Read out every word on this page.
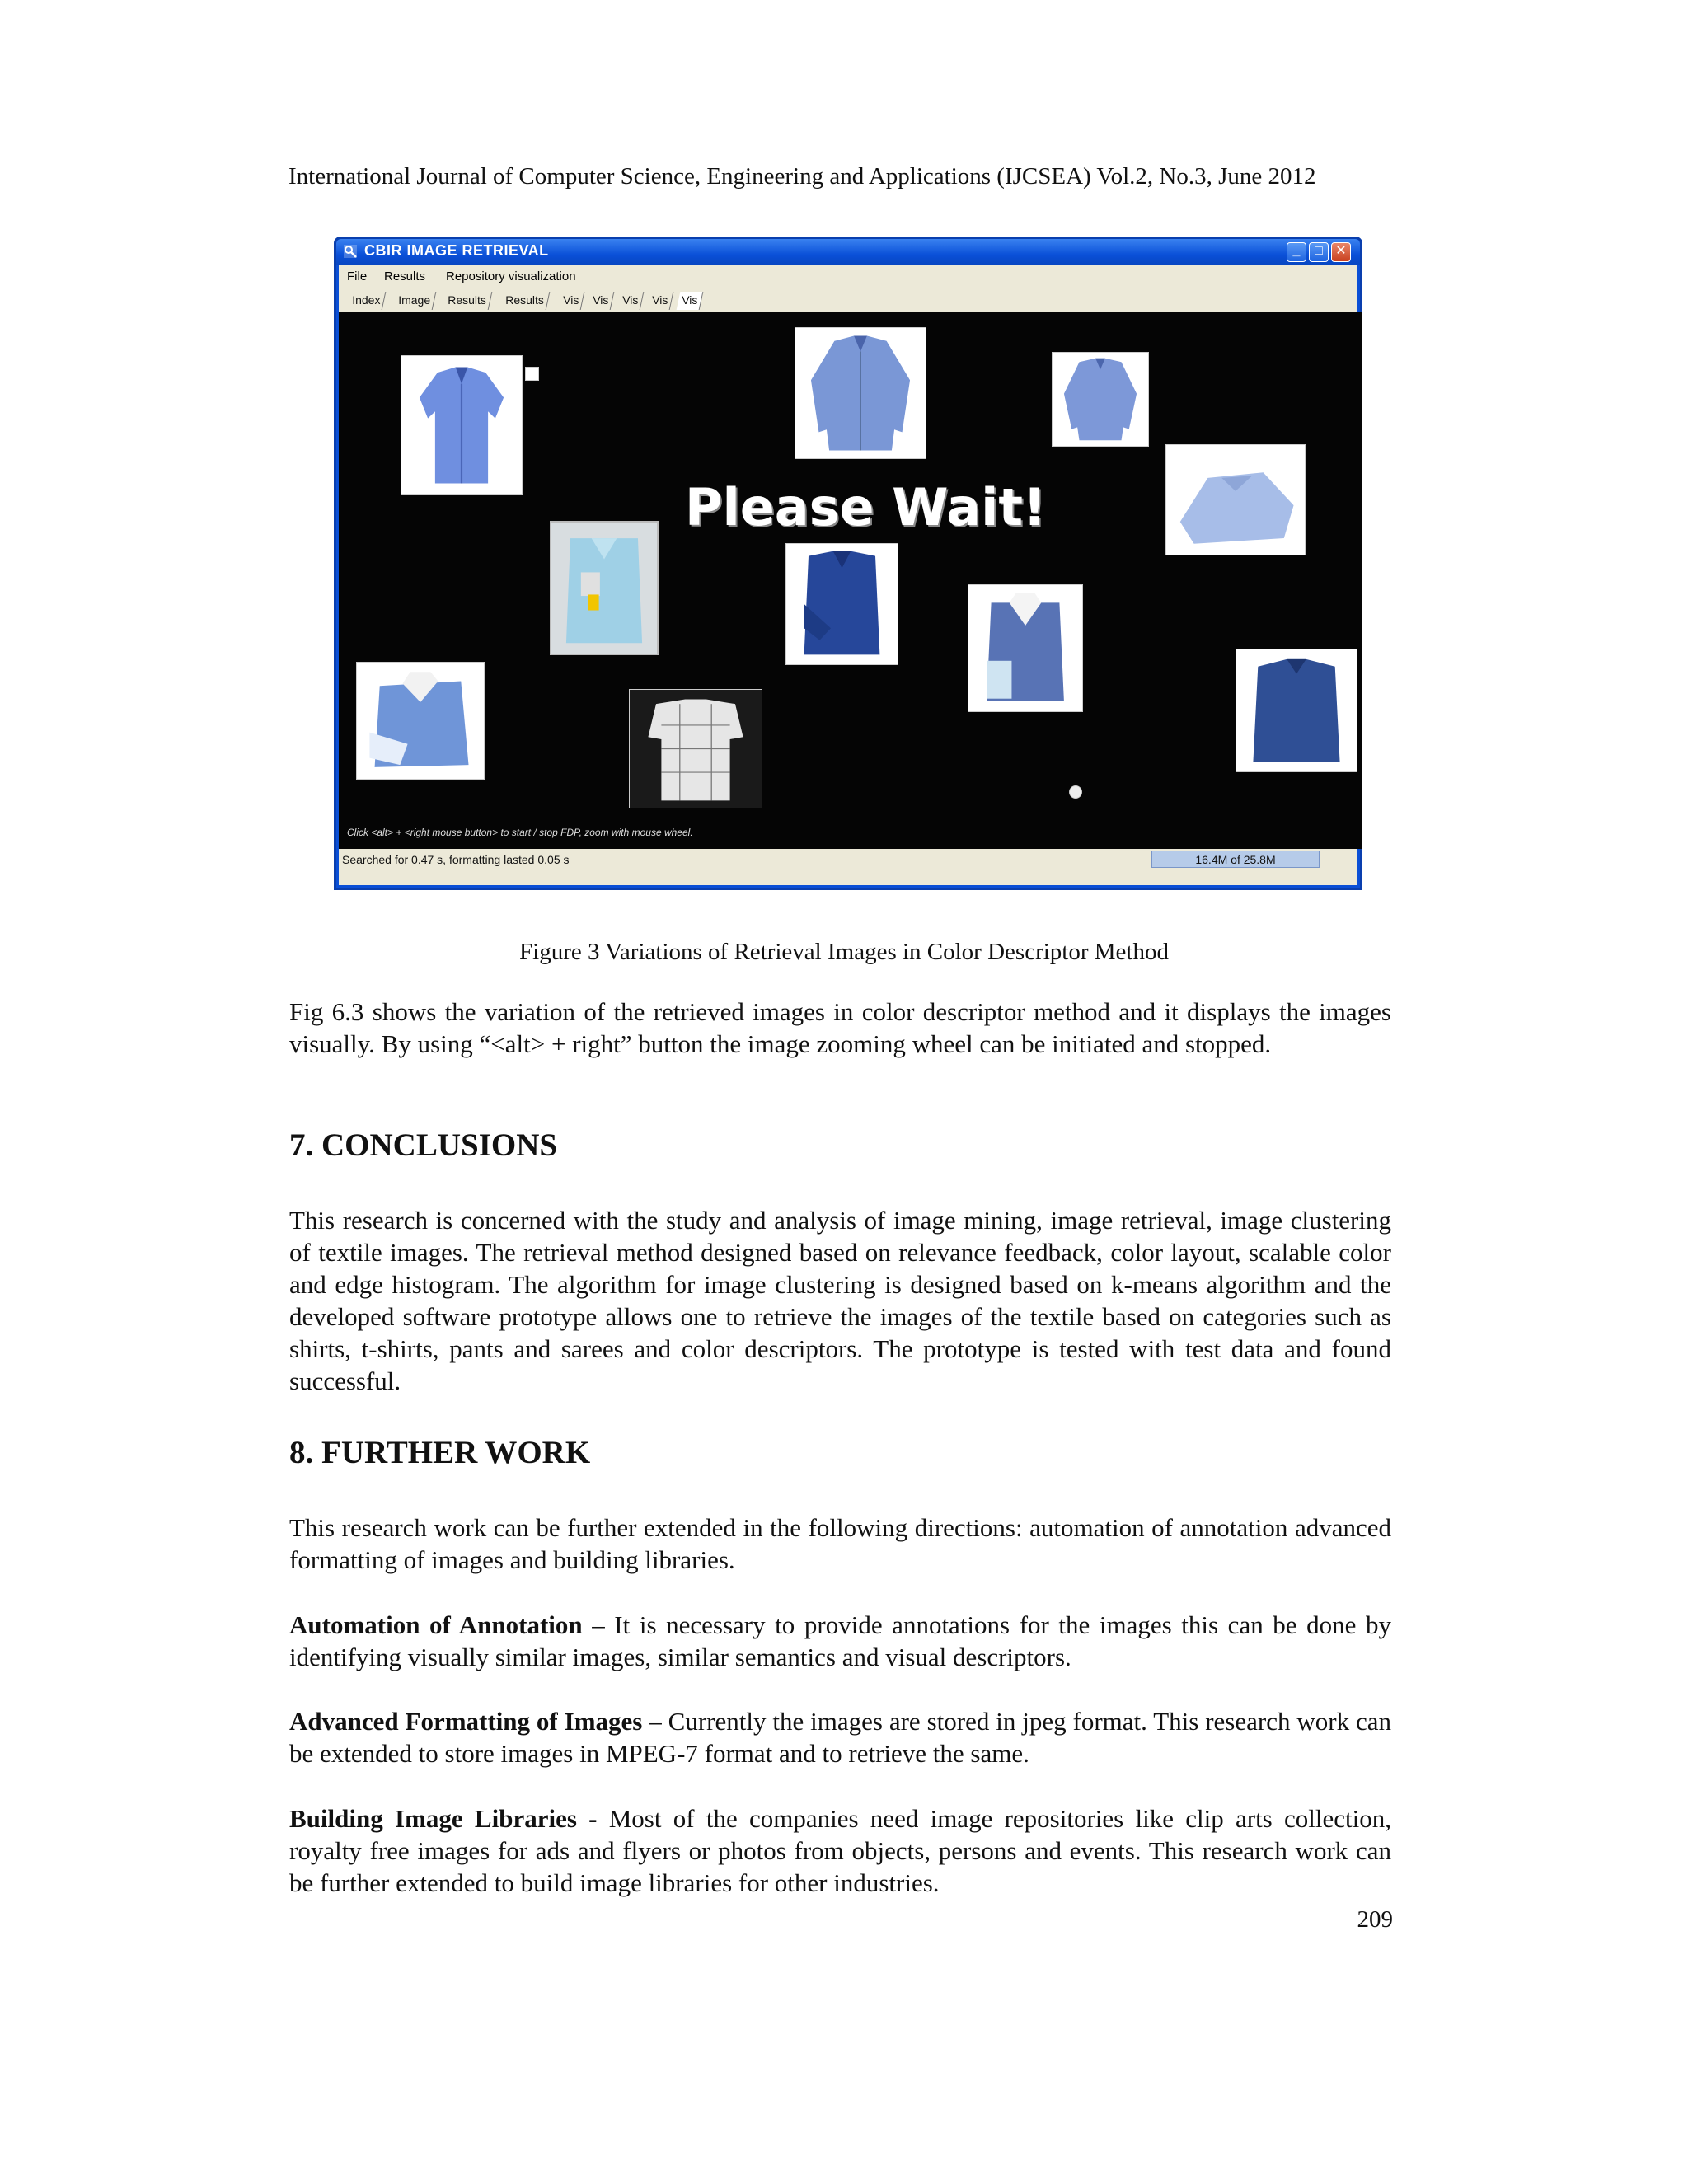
International Journal of Computer Science, Engineering and Applications (IJCSEA) Vol.2, No.3, June 2012
CBIR IMAGE RETRIEVAL	_	□ ✕
File Results Repository visualization
Index	Image	Results	Results	Vis	Vis	Vis	Vis	Vis
Please Wait!
Click <alt> + <right mouse button> to start / stop FDP, zoom with mouse wheel.
Searched for 0.47 s, formatting lasted 0.05 s	16.4M of 25.8M
Figure 3 Variations of Retrieval Images in Color Descriptor Method
Fig 6.3 shows the variation of the retrieved images in color descriptor method and it displays the images visually. By using “<alt> + right” button the image zooming wheel can be initiated and stopped.
7. CONCLUSIONS
This research is concerned with the study and analysis of image mining, image retrieval, image clustering of textile images. The retrieval method designed based on relevance feedback, color layout, scalable color and edge histogram. The algorithm for image clustering is designed based on k-means algorithm and the developed software prototype allows one to retrieve the images of the textile based on categories such as shirts, t-shirts, pants and sarees and color descriptors. The prototype is tested with test data and found successful.
8. FURTHER WORK
This research work can be further extended in the following directions: automation of annotation advanced formatting of images and building libraries.
Automation of Annotation – It is necessary to provide annotations for the images this can be done by identifying visually similar images, similar semantics and visual descriptors.
Advanced Formatting of Images – Currently the images are stored in jpeg format. This research work can be extended to store images in MPEG-7 format and to retrieve the same.
Building Image Libraries - Most of the companies need image repositories like clip arts collection, royalty free images for ads and flyers or photos from objects, persons and events. This research work can be further extended to build image libraries for other industries.
209
